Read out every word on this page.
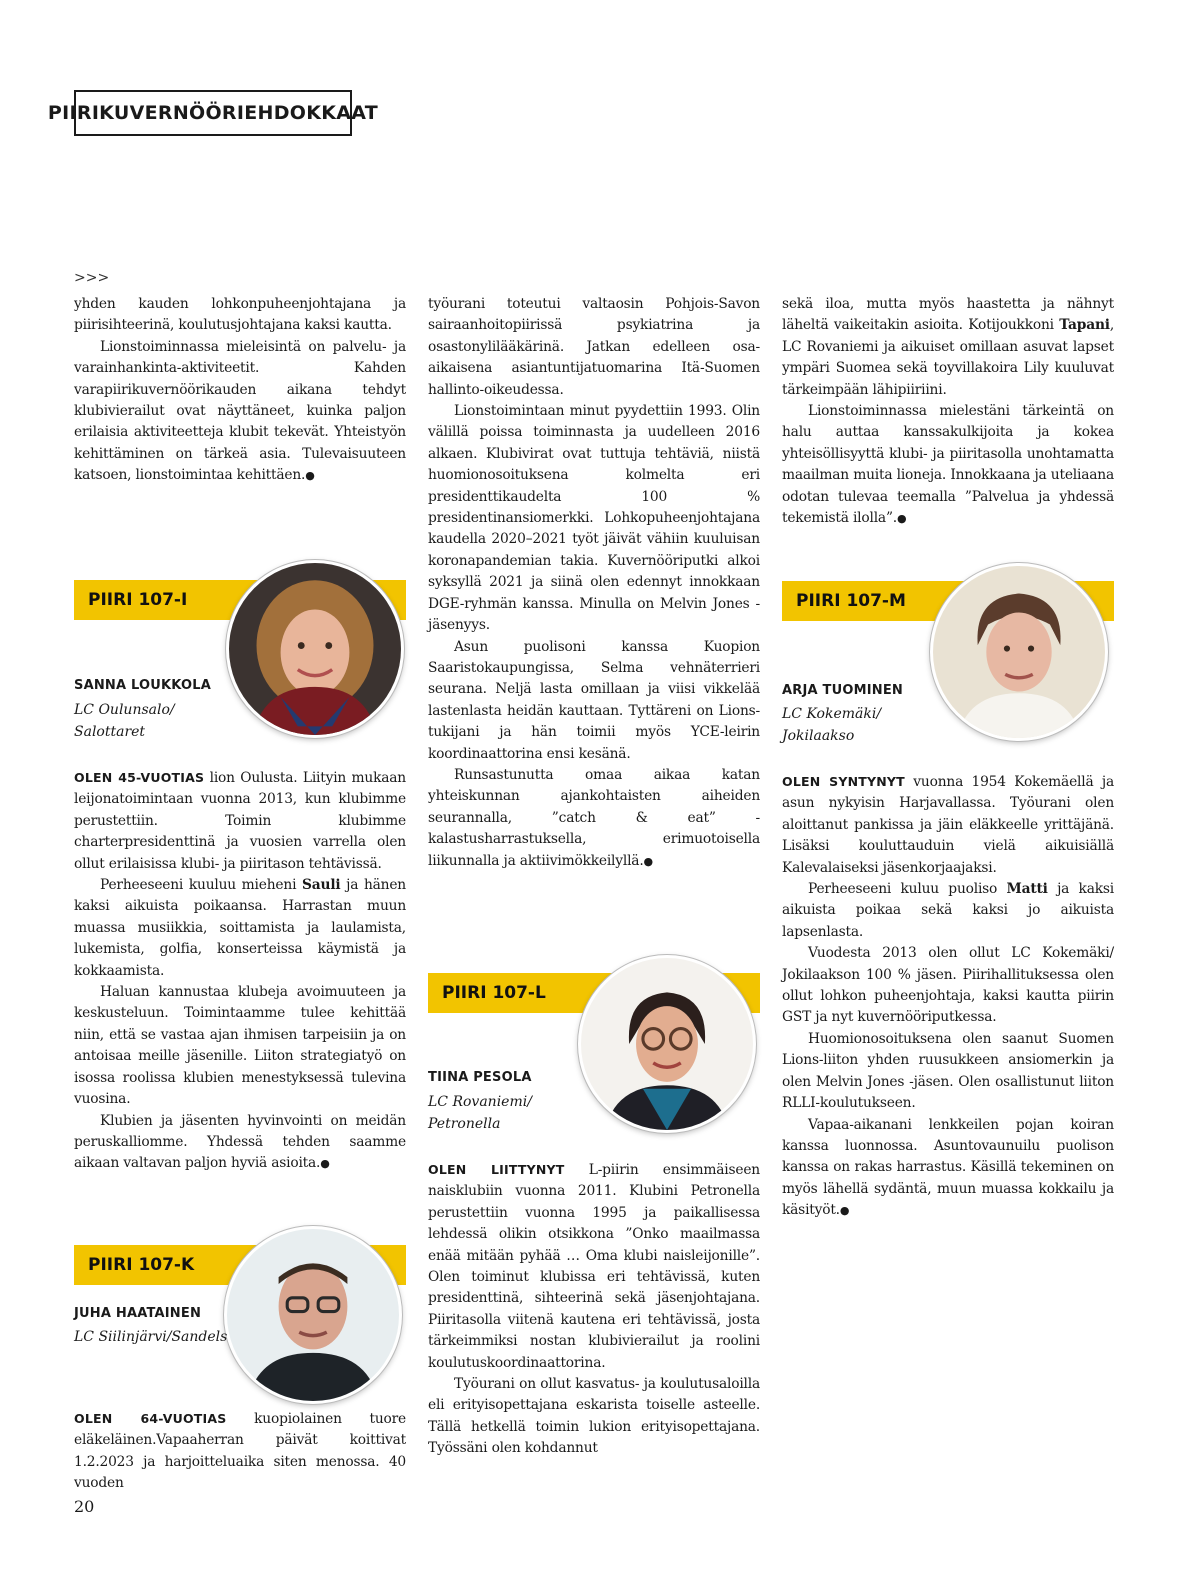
PIIRIKUVERNÖÖRIEHDOKKAAT
>>>

yhden kauden lohkonpuheenjohtajana ja piirisihteerinä, koulutusjohtajana kaksi kautta.

Lionstoiminnassa mieleisintä on palvelu- ja varainhankinta-aktiviteetit. Kahden varapiirikuvernöörikauden aikana tehdyt klubivierailut ovat näyttäneet, kuinka paljon erilaisia aktiviteetteja klubit tekevät. Yhteistyön kehittäminen on tärkeä asia. Tulevaisuuteen katsoen, lionstoimintaa kehittäen.●

PIIRI 107-I
SANNA LOUKKOLA
LC Oulunsalo/ Salottaret

OLEN 45-VUOTIAS lion Oulusta. Liityin mukaan leijonatoimintaan vuonna 2013, kun klubimme perustettiin. Toimin klubimme charterpresidenttinä ja vuosien varrella olen ollut erilaisissa klubi- ja piiritason tehtävissä.

Perheeseeni kuuluu mieheni Sauli ja hänen kaksi aikuista poikaansa. Harrastan muun muassa musiikkia, soittamista ja laulamista, lukemista, golfia, konserteissa käymistä ja kokkaamista.

Haluan kannustaa klubeja avoimuuteen ja keskusteluun. Toimintaamme tulee kehittää niin, että se vastaa ajan ihmisen tarpeisiin ja on antoisaa meille jäsenille. Liiton strategiatyö on isossa roolissa klubien menestyksessä tulevina vuosina.

Klubien ja jäsenten hyvinvointi on meidän peruskalliomme. Yhdessä tehden saamme aikaan valtavan paljon hyviä asioita.●

PIIRI 107-K
JUHA HAATAINEN
LC Siilinjärvi/Sandels

OLEN 64-VUOTIAS kuopiolainen tuore eläkeläinen.Vapaaherran päivät koittivat 1.2.2023 ja harjoitteluaika siten menossa. 40 vuoden

työurani toteutui valtaosin Pohjois-Savon sairaanhoitopiirissä psykiatrina ja osastonylilääkärinä. Jatkan edelleen osa-aikaisena asiantuntijatuomarina Itä-Suomen hallinto-oikeudessa.

Lionstoimintaan minut pyydettiin 1993. Olin välillä poissa toiminnasta ja uudelleen 2016 alkaen. Klubivirat ovat tuttuja tehtäviä, niistä huomionosoituksena kolmelta eri presidenttikaudelta 100 % presidentinansiomerkki. Lohkopuheenjohtajana kaudella 2020–2021 työt jäivät vähiin kuuluisan koronapandemian takia. Kuvernööriputki alkoi syksyllä 2021 ja siinä olen edennyt innokkaan DGE-ryhmän kanssa. Minulla on Melvin Jones -jäsenyys.

Asun puolisoni kanssa Kuopion Saaristokaupungissa, Selma vehnäterrieri seurana. Neljä lasta omillaan ja viisi vikkelää lastenlasta heidän kauttaan. Tyttäreni on Lions-tukijani ja hän toimii myös YCE-leirin koordinaattorina ensi kesänä.

Runsastunutta omaa aikaa katan yhteiskunnan ajankohtaisten aiheiden seurannalla, ”catch & eat” -kalastusharrastuksella, erimuotoisella liikunnalla ja aktiivimökkeilyllä.●

PIIRI 107-L
TIINA PESOLA
LC Rovaniemi/ Petronella

OLEN LIITTYNYT L-piirin ensimmäiseen naisklubiin vuonna 2011. Klubini Petronella perustettiin vuonna 1995 ja paikallisessa lehdessä olikin otsikkona ”Onko maailmassa enää mitään pyhää … Oma klubi naisleijonille”. Olen toiminut klubissa eri tehtävissä, kuten presidenttinä, sihteerinä sekä jäsenjohtajana. Piiritasolla viitenä kautena eri tehtävissä, josta tärkeimmiksi nostan klubivierailut ja roolini koulutuskoordinaattorina.

Työurani on ollut kasvatus- ja koulutusaloilla eli erityisopettajana eskarista toiselle asteelle. Tällä hetkellä toimin lukion erityisopettajana. Työssäni olen kohdannut

sekä iloa, mutta myös haastetta ja nähnyt läheltä vaikeitakin asioita. Kotijoukkoni Tapani, LC Rovaniemi ja aikuiset omillaan asuvat lapset ympäri Suomea sekä toyvillakoira Lily kuuluvat tärkeimpään lähipiiriini.

Lionstoiminnassa mielestäni tärkeintä on halu auttaa kanssakulkijoita ja kokea yhteisöllisyyttä klubi- ja piiritasolla unohtamatta maailman muita lioneja. Innokkaana ja uteliaana odotan tulevaa teemalla ”Palvelua ja yhdessä tekemistä ilolla”.●

PIIRI 107-M
ARJA TUOMINEN
LC Kokemäki/ Jokilaakso

OLEN SYNTYNYT vuonna 1954 Kokemäellä ja asun nykyisin Harjavallassa. Työurani olen aloittanut pankissa ja jäin eläkkeelle yrittäjänä. Lisäksi kouluttauduin vielä aikuisiällä Kalevalaiseksi jäsenkorjaajaksi.

Perheeseeni kuluu puoliso Matti ja kaksi aikuista poikaa sekä kaksi jo aikuista lapsenlasta.

Vuodesta 2013 olen ollut LC Kokemäki/ Jokilaakson 100 % jäsen. Piirihallituksessa olen ollut lohkon puheenjohtaja, kaksi kautta piirin GST ja nyt kuvernööriputkessa.

Huomionosoituksena olen saanut Suomen Lions-liiton yhden ruusukkeen ansiomerkin ja olen Melvin Jones -jäsen. Olen osallistunut liiton RLLI-koulutukseen.

Vapaa-aikanani lenkkeilen pojan koiran kanssa luonnossa. Asuntovaunuilu puolison kanssa on rakas harrastus. Käsillä tekeminen on myös lähellä sydäntä, muun muassa kokkailu ja käsityöt.●

20
